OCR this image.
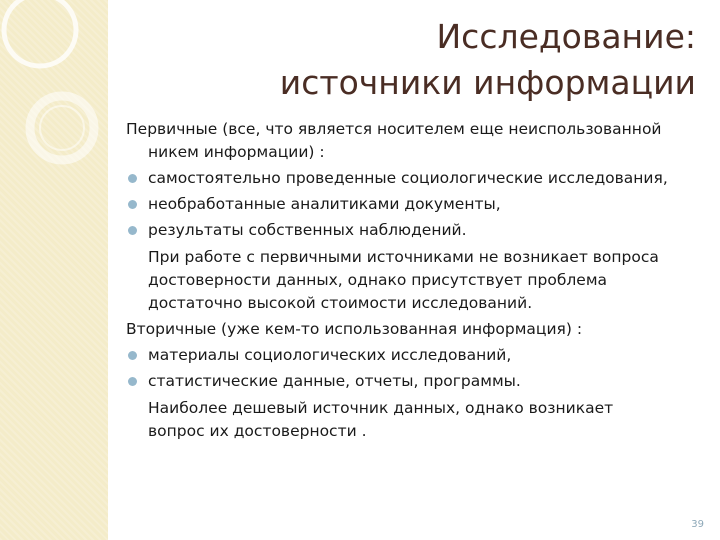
Исследование:
источники информации

Первичные (все, что является носителем еще неиспользованной
никем информации) :

самостоятельно проведенные социологические исследования,
необработанные аналитиками документы,
результаты собственных наблюдений.

При работе с первичными источниками не возникает вопроса
достоверности данных, однако присутствует проблема
достаточно высокой стоимости исследований.

Вторичные (уже кем-то использованная информация) :

материалы социологических исследований,
статистические данные, отчеты, программы.

Наиболее дешевый источник данных, однако возникает
вопрос их достоверности .

39
